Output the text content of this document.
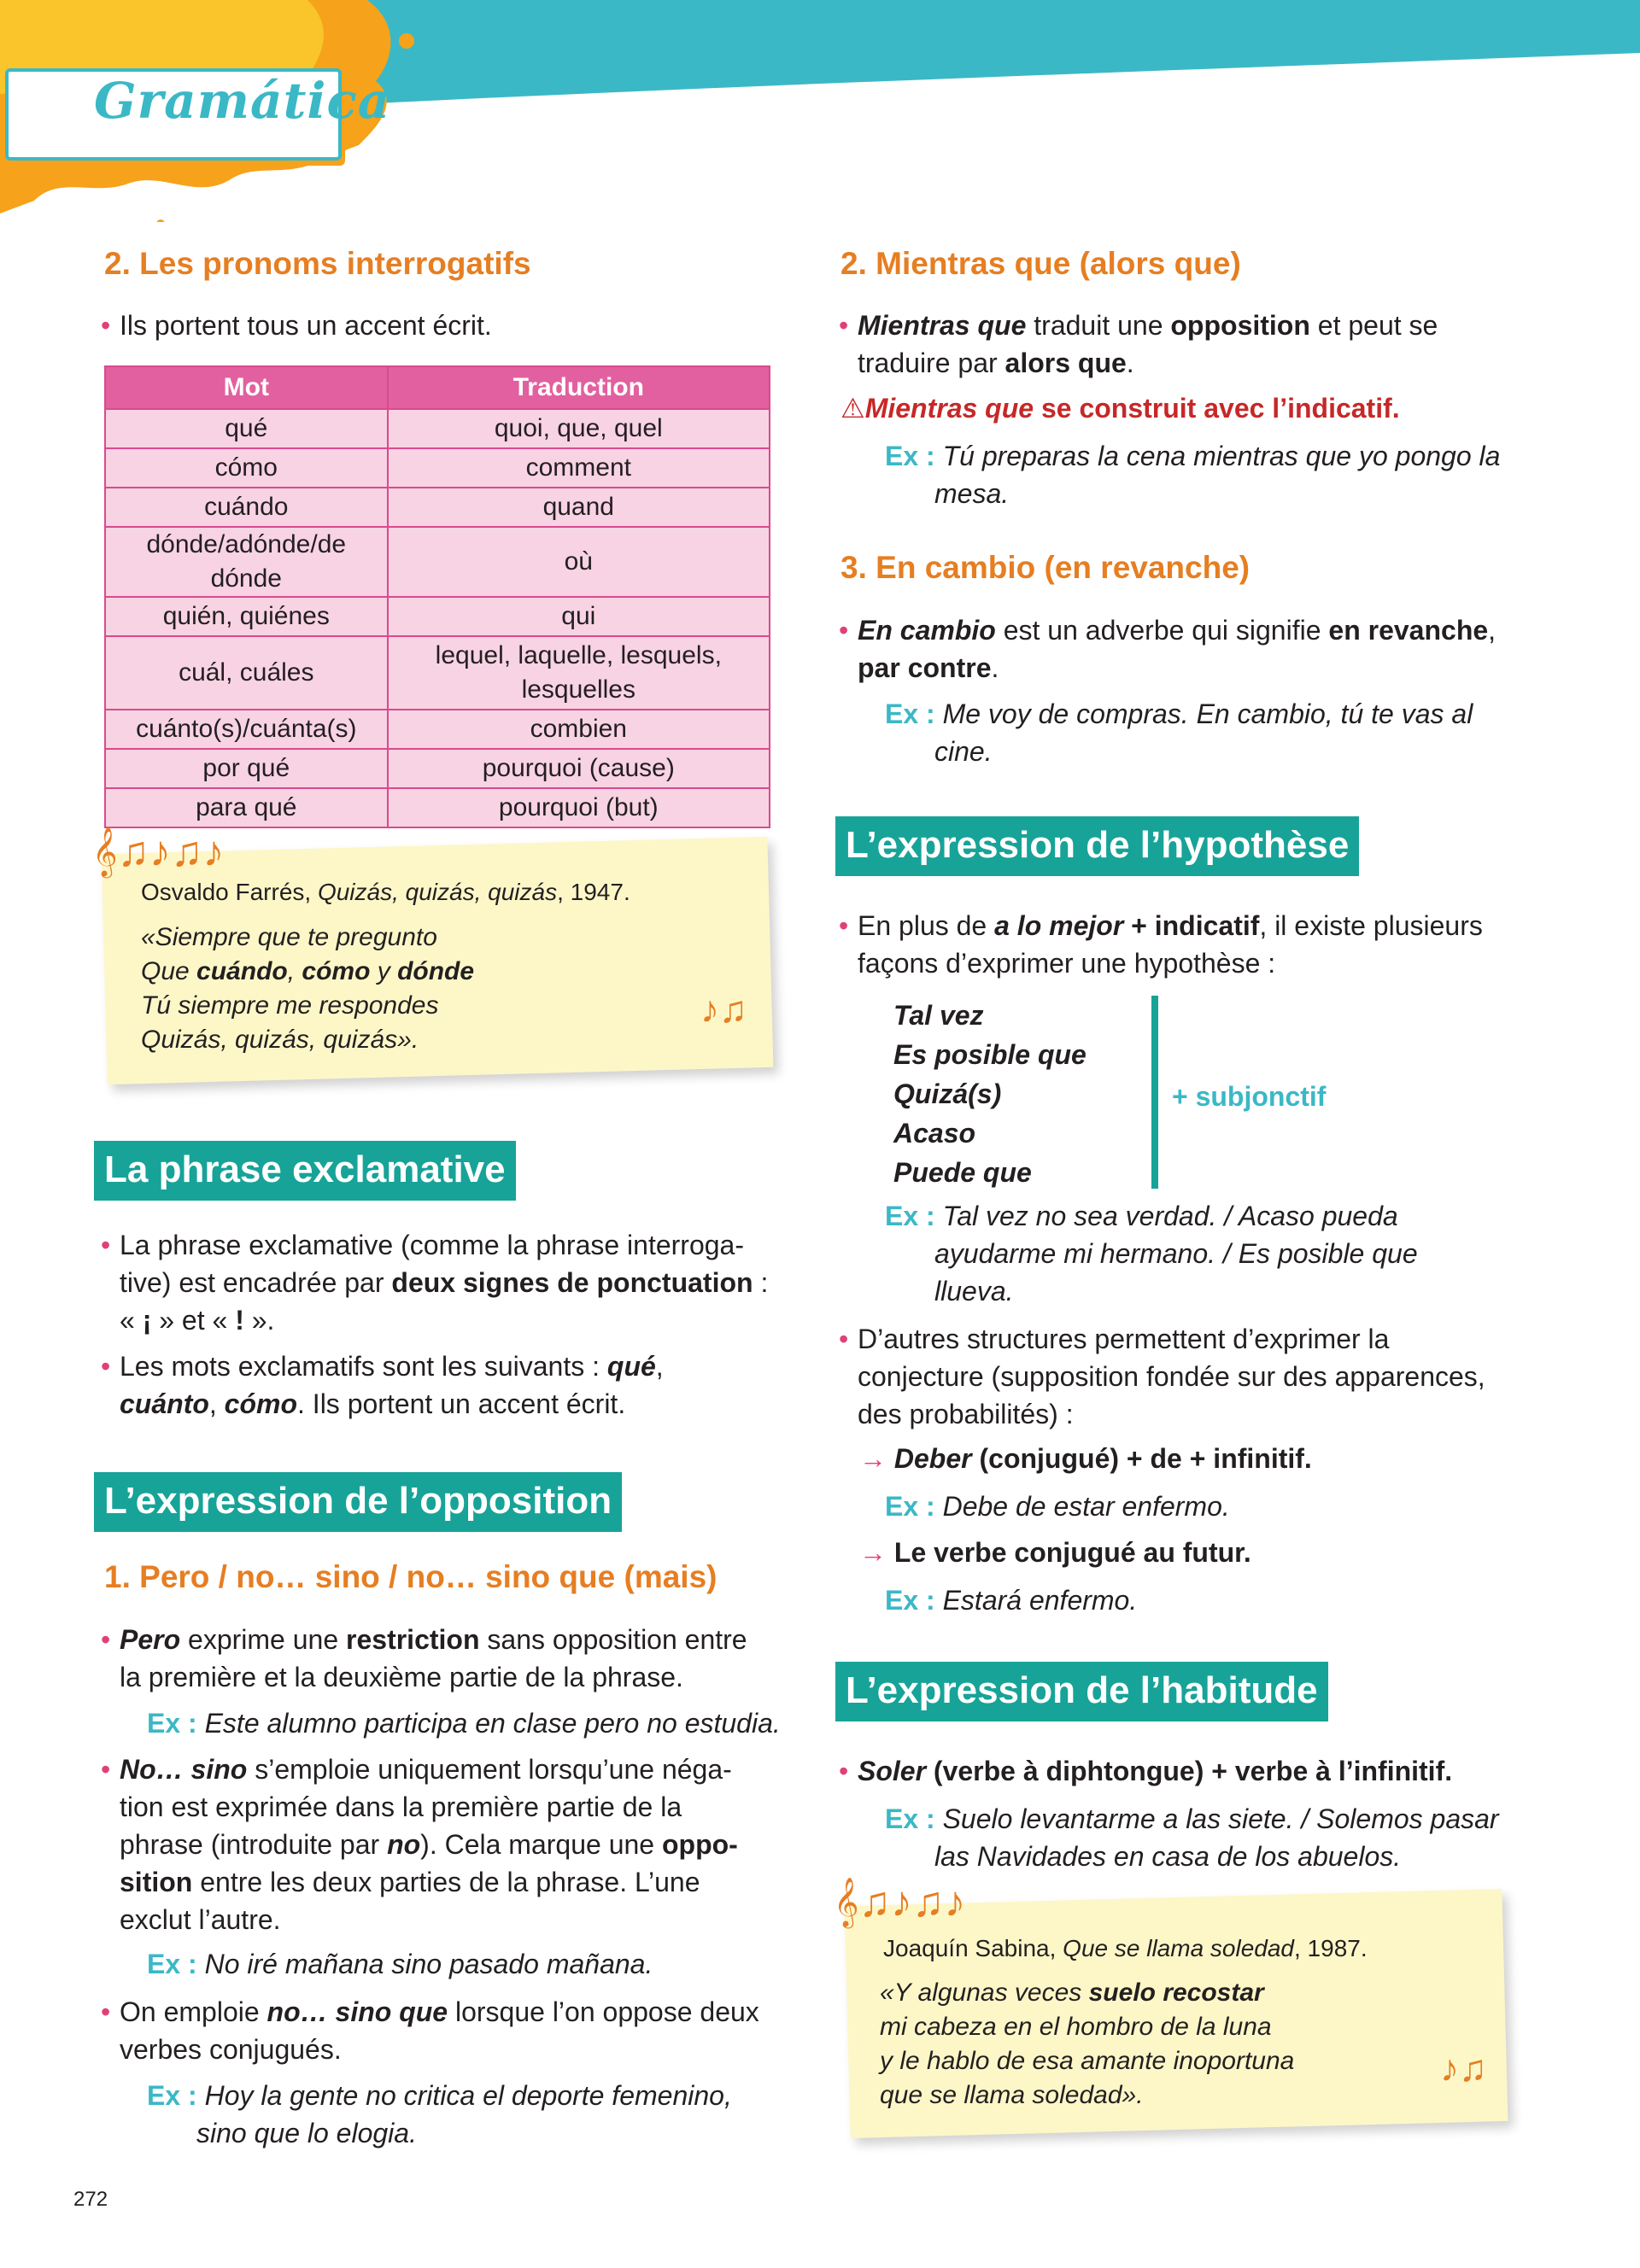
Gramática
2. Les pronoms interrogatifs
• Ils portent tous un accent écrit.
Mot	Traduction
qué	quoi, que, quel
cómo	comment
cuándo	quand
dónde/adónde/de dónde	où
quién, quiénes	qui
cuál, cuáles	lequel, laquelle, lesquels, lesquelles
cuánto(s)/cuánta(s)	combien
por qué	pourquoi (cause)
para qué	pourquoi (but)
𝄞♫♪♫♪
Osvaldo Farrés, Quizás, quizás, quizás, 1947.
«Siempre que te pregunto
Que cuándo, cómo y dónde
Tú siempre me respondes
Quizás, quizás, quizás».
♪♫
La phrase exclamative
• La phrase exclamative (comme la phrase interroga-
tive) est encadrée par deux signes de ponctuation :
« ¡ » et « ! ».
• Les mots exclamatifs sont les suivants : qué,
cuánto, cómo. Ils portent un accent écrit.
L’expression de l’opposition
1. Pero / no… sino / no… sino que (mais)
• Pero exprime une restriction sans opposition entre
la première et la deuxième partie de la phrase.
Ex : Este alumno participa en clase pero no estudia.
• No… sino s’emploie uniquement lorsqu’une néga-
tion est exprimée dans la première partie de la
phrase (introduite par no). Cela marque une oppo-
sition entre les deux parties de la phrase. L’une
exclut l’autre.
Ex : No iré mañana sino pasado mañana.
• On emploie no… sino que lorsque l’on oppose deux
verbes conjugués.
Ex : Hoy la gente no critica el deporte femenino,
sino que lo elogia.
272
2. Mientras que (alors que)
• Mientras que traduit une opposition et peut se
traduire par alors que.
⚠Mientras que se construit avec l’indicatif.
Ex : Tú preparas la cena mientras que yo pongo la
mesa.
3. En cambio (en revanche)
• En cambio est un adverbe qui signifie en revanche,
par contre.
Ex : Me voy de compras. En cambio, tú te vas al
cine.
L’expression de l’hypothèse
• En plus de a lo mejor + indicatif, il existe plusieurs
façons d’exprimer une hypothèse :
Tal vez
Es posible que
Quizá(s)
Acaso
Puede que
+ subjonctif
Ex : Tal vez no sea verdad. / Acaso pueda
ayudarme mi hermano. / Es posible que
llueva.
• D’autres structures permettent d’exprimer la
conjecture (supposition fondée sur des apparences,
des probabilités) :
→ Deber (conjugué) + de + infinitif.
Ex : Debe de estar enfermo.
→ Le verbe conjugué au futur.
Ex : Estará enfermo.
L’expression de l’habitude
• Soler (verbe à diphtongue) + verbe à l’infinitif.
Ex : Suelo levantarme a las siete. / Solemos pasar
las Navidades en casa de los abuelos.
𝄞♫♪♫♪
Joaquín Sabina, Que se llama soledad, 1987.
«Y algunas veces suelo recostar
mi cabeza en el hombro de la luna
y le hablo de esa amante inoportuna
que se llama soledad».
♪♫
